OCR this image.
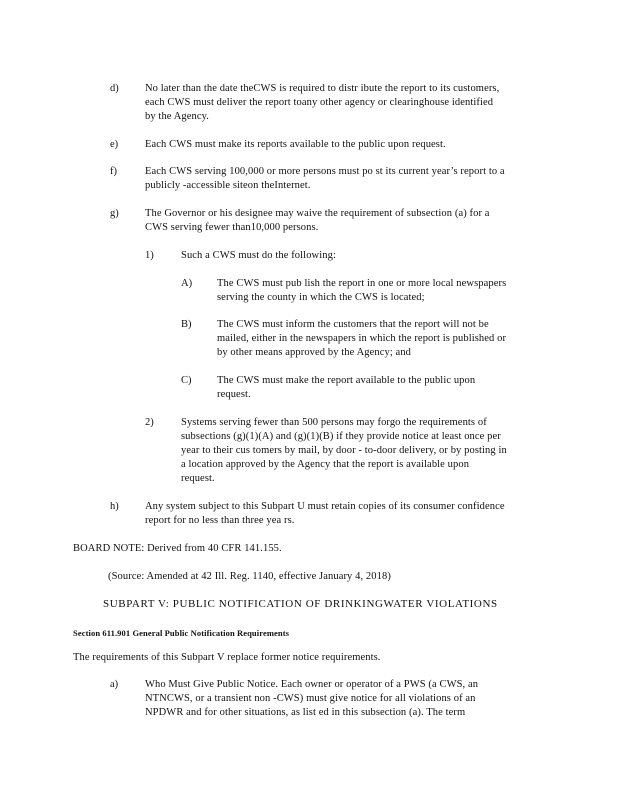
d)	No later than the date theCWS is required to distr ibute the report to its customers,
each CWS must deliver the report toany other agency or clearinghouse identified
by the Agency.
e)	Each CWS must make its reports available to the public upon request.
f)	Each CWS serving 100,000 or more persons must po st its current year’s report to a
publicly -accessible siteon theInternet.
g)	The Governor or his designee may waive the requirement of subsection (a) for a
CWS serving fewer than10,000 persons.
1)	Such a CWS must do the following:
A) The CWS must pub lish the report in one or more local newspapers
serving the county in which the CWS is located;
B) The CWS must inform the customers that the report will not be
mailed, either in the newspapers in which the report is published or
by other means approved by the Agency; and
C) The CWS must make the report available to the public upon
request.
2)	Systems serving fewer than 500 persons may forgo the requirements of
subsections (g)(1)(A) and (g)(1)(B) if they provide notice at least once per
year to their cus tomers by mail, by door - to-door delivery, or by posting in
a location approved by the Agency that the report is available upon
request.
h)	Any system subject to this Subpart U must retain copies of its consumer confidence
report for no less than three yea rs.
BOARD NOTE: Derived from 40 CFR 141.155.
(Source: Amended at 42 Ill. Reg. 1140, effective January 4, 2018)
SUBPART V: PUBLIC NOTIFICATION OF DRINKINGWATER VIOLATIONS
Section 611.901 General Public Notification Requirements
The requirements of this Subpart V replace former notice requirements.
a)	Who Must Give Public Notice. Each owner or operator of a PWS (a CWS, an
NTNCWS, or a transient non -CWS) must give notice for all violations of an
NPDWR and for other situations, as list ed in this subsection (a). The term
